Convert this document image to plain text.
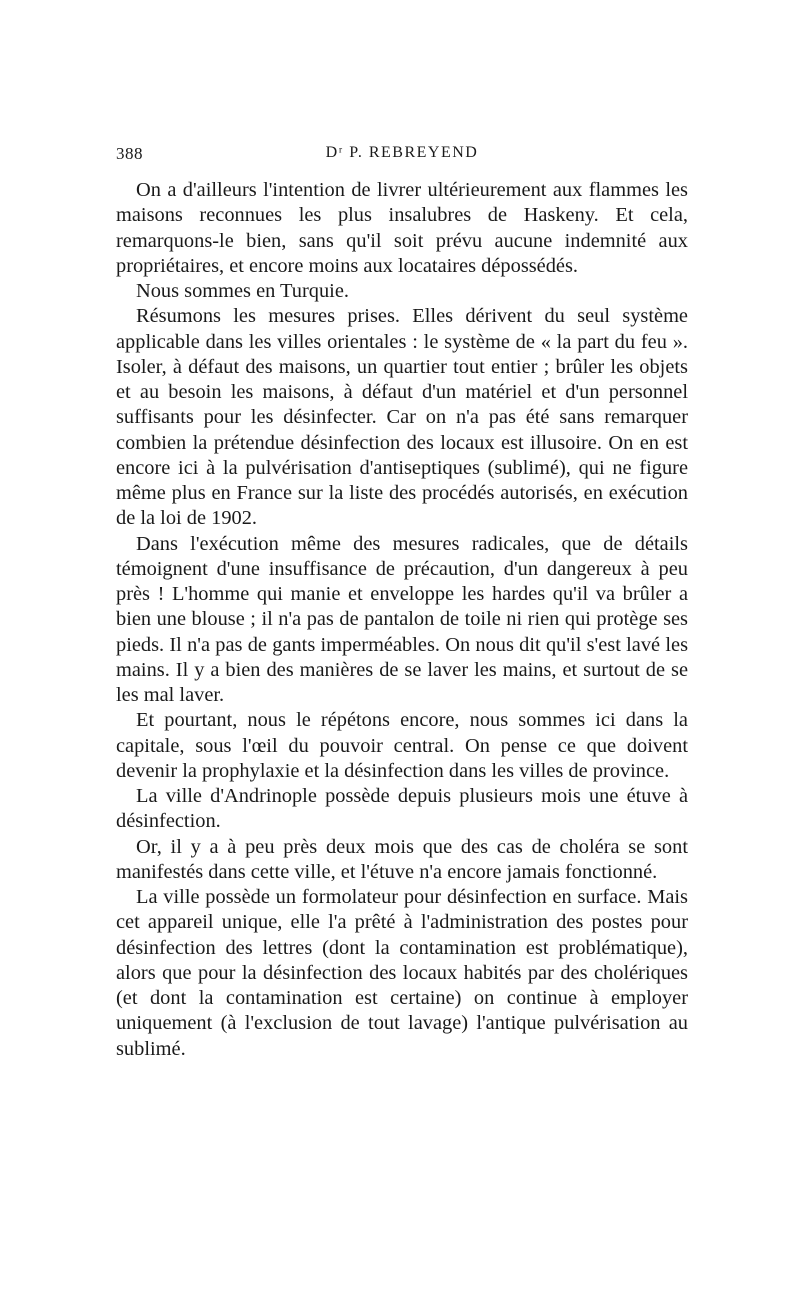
388	Dʳ P. REBREYEND

On a d'ailleurs l'intention de livrer ultérieurement aux flammes les maisons reconnues les plus insalubres de Haskeny. Et cela, remarquons-le bien, sans qu'il soit prévu aucune indemnité aux propriétaires, et encore moins aux locataires dépossédés.

Nous sommes en Turquie.

Résumons les mesures prises. Elles dérivent du seul système applicable dans les villes orientales : le système de « la part du feu ». Isoler, à défaut des maisons, un quartier tout entier ; brûler les objets et au besoin les maisons, à défaut d'un matériel et d'un personnel suffisants pour les désinfecter. Car on n'a pas été sans remarquer combien la prétendue désinfection des locaux est illusoire. On en est encore ici à la pulvérisation d'antiseptiques (sublimé), qui ne figure même plus en France sur la liste des procédés autorisés, en exécution de la loi de 1902.

Dans l'exécution même des mesures radicales, que de détails témoignent d'une insuffisance de précaution, d'un dangereux à peu près ! L'homme qui manie et enveloppe les hardes qu'il va brûler a bien une blouse ; il n'a pas de pantalon de toile ni rien qui protège ses pieds. Il n'a pas de gants imperméables. On nous dit qu'il s'est lavé les mains. Il y a bien des manières de se laver les mains, et surtout de se les mal laver.

Et pourtant, nous le répétons encore, nous sommes ici dans la capitale, sous l'œil du pouvoir central. On pense ce que doivent devenir la prophylaxie et la désinfection dans les villes de province.

La ville d'Andrinople possède depuis plusieurs mois une étuve à désinfection.

Or, il y a à peu près deux mois que des cas de choléra se sont manifestés dans cette ville, et l'étuve n'a encore jamais fonctionné.

La ville possède un formolateur pour désinfection en surface. Mais cet appareil unique, elle l'a prêté à l'administration des postes pour désinfection des lettres (dont la contamination est problématique), alors que pour la désinfection des locaux habités par des cholériques (et dont la contamination est certaine) on continue à employer uniquement (à l'exclusion de tout lavage) l'antique pulvérisation au sublimé.
